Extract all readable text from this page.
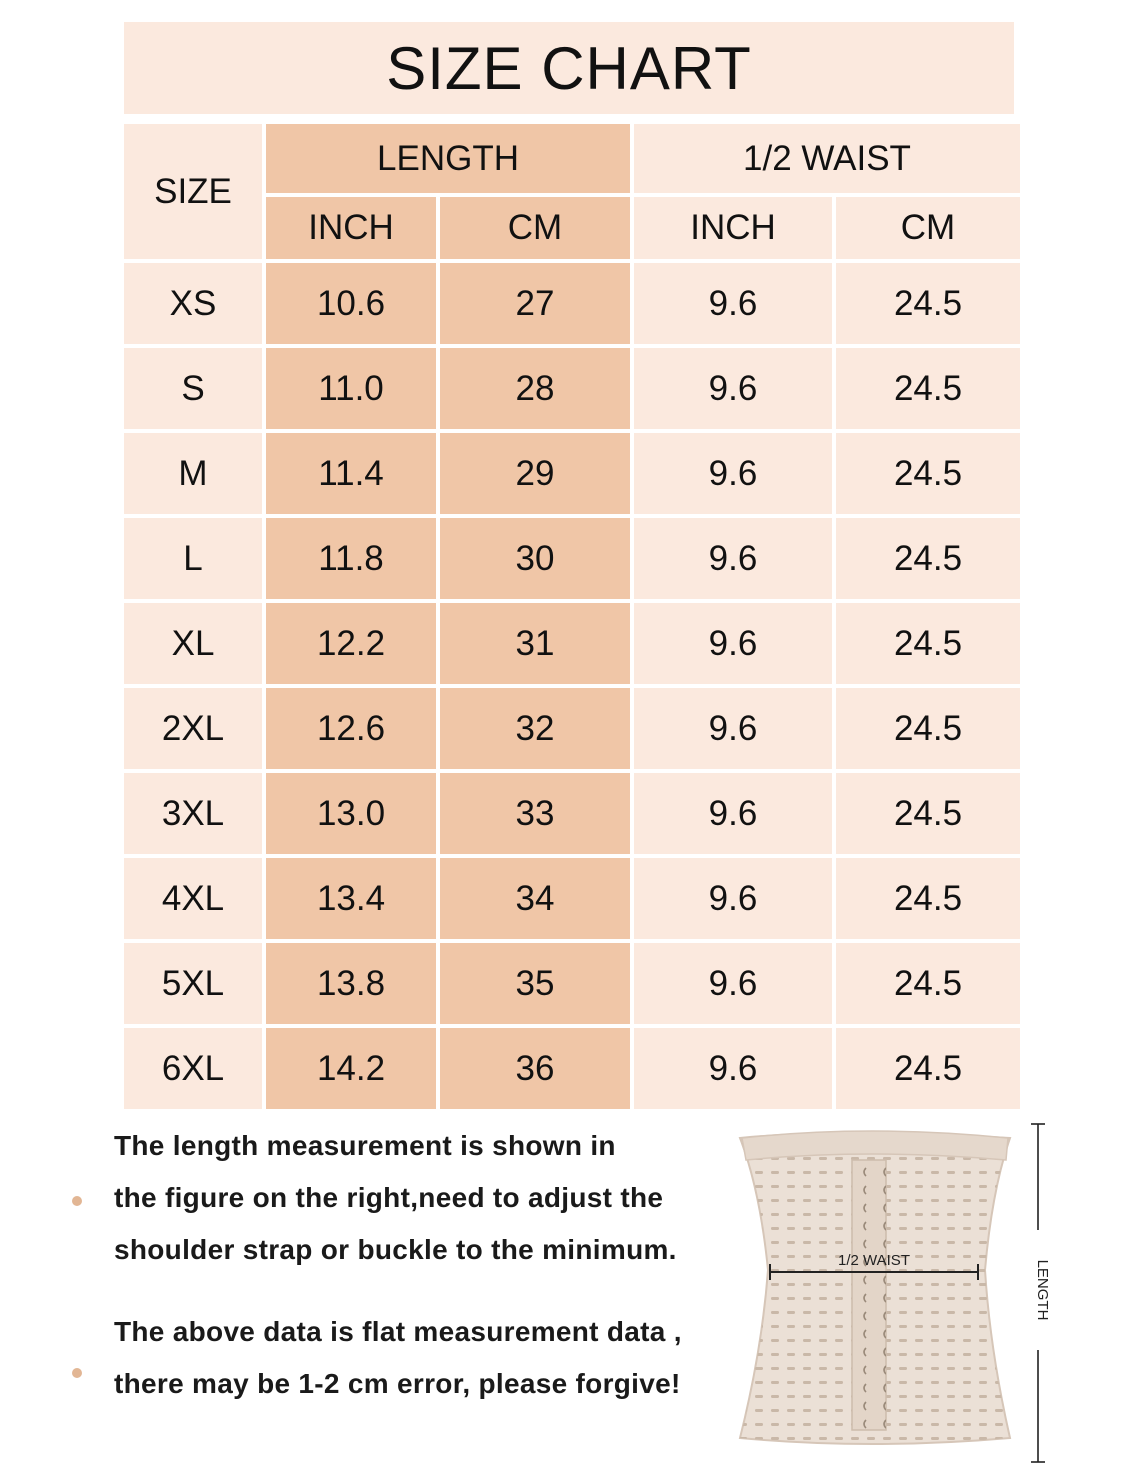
SIZE CHART
SIZE
LENGTH	1/2 WAIST
INCH	CM	INCH	CM
XS	10.6	27	9.6	24.5
S	11.0	28	9.6	24.5
M	11.4	29	9.6	24.5
L	11.8	30	9.6	24.5
XL	12.2	31	9.6	24.5
2XL	12.6	32	9.6	24.5
3XL	13.0	33	9.6	24.5
4XL	13.4	34	9.6	24.5
5XL	13.8	35	9.6	24.5
6XL	14.2	36	9.6	24.5
The length measurement is shown in
the figure on the right,need to adjust the
shoulder strap or buckle to the minimum.
The above data is flat measurement data ,
there may be 1-2 cm error, please forgive!
1/2 WAIST	LENGTH
